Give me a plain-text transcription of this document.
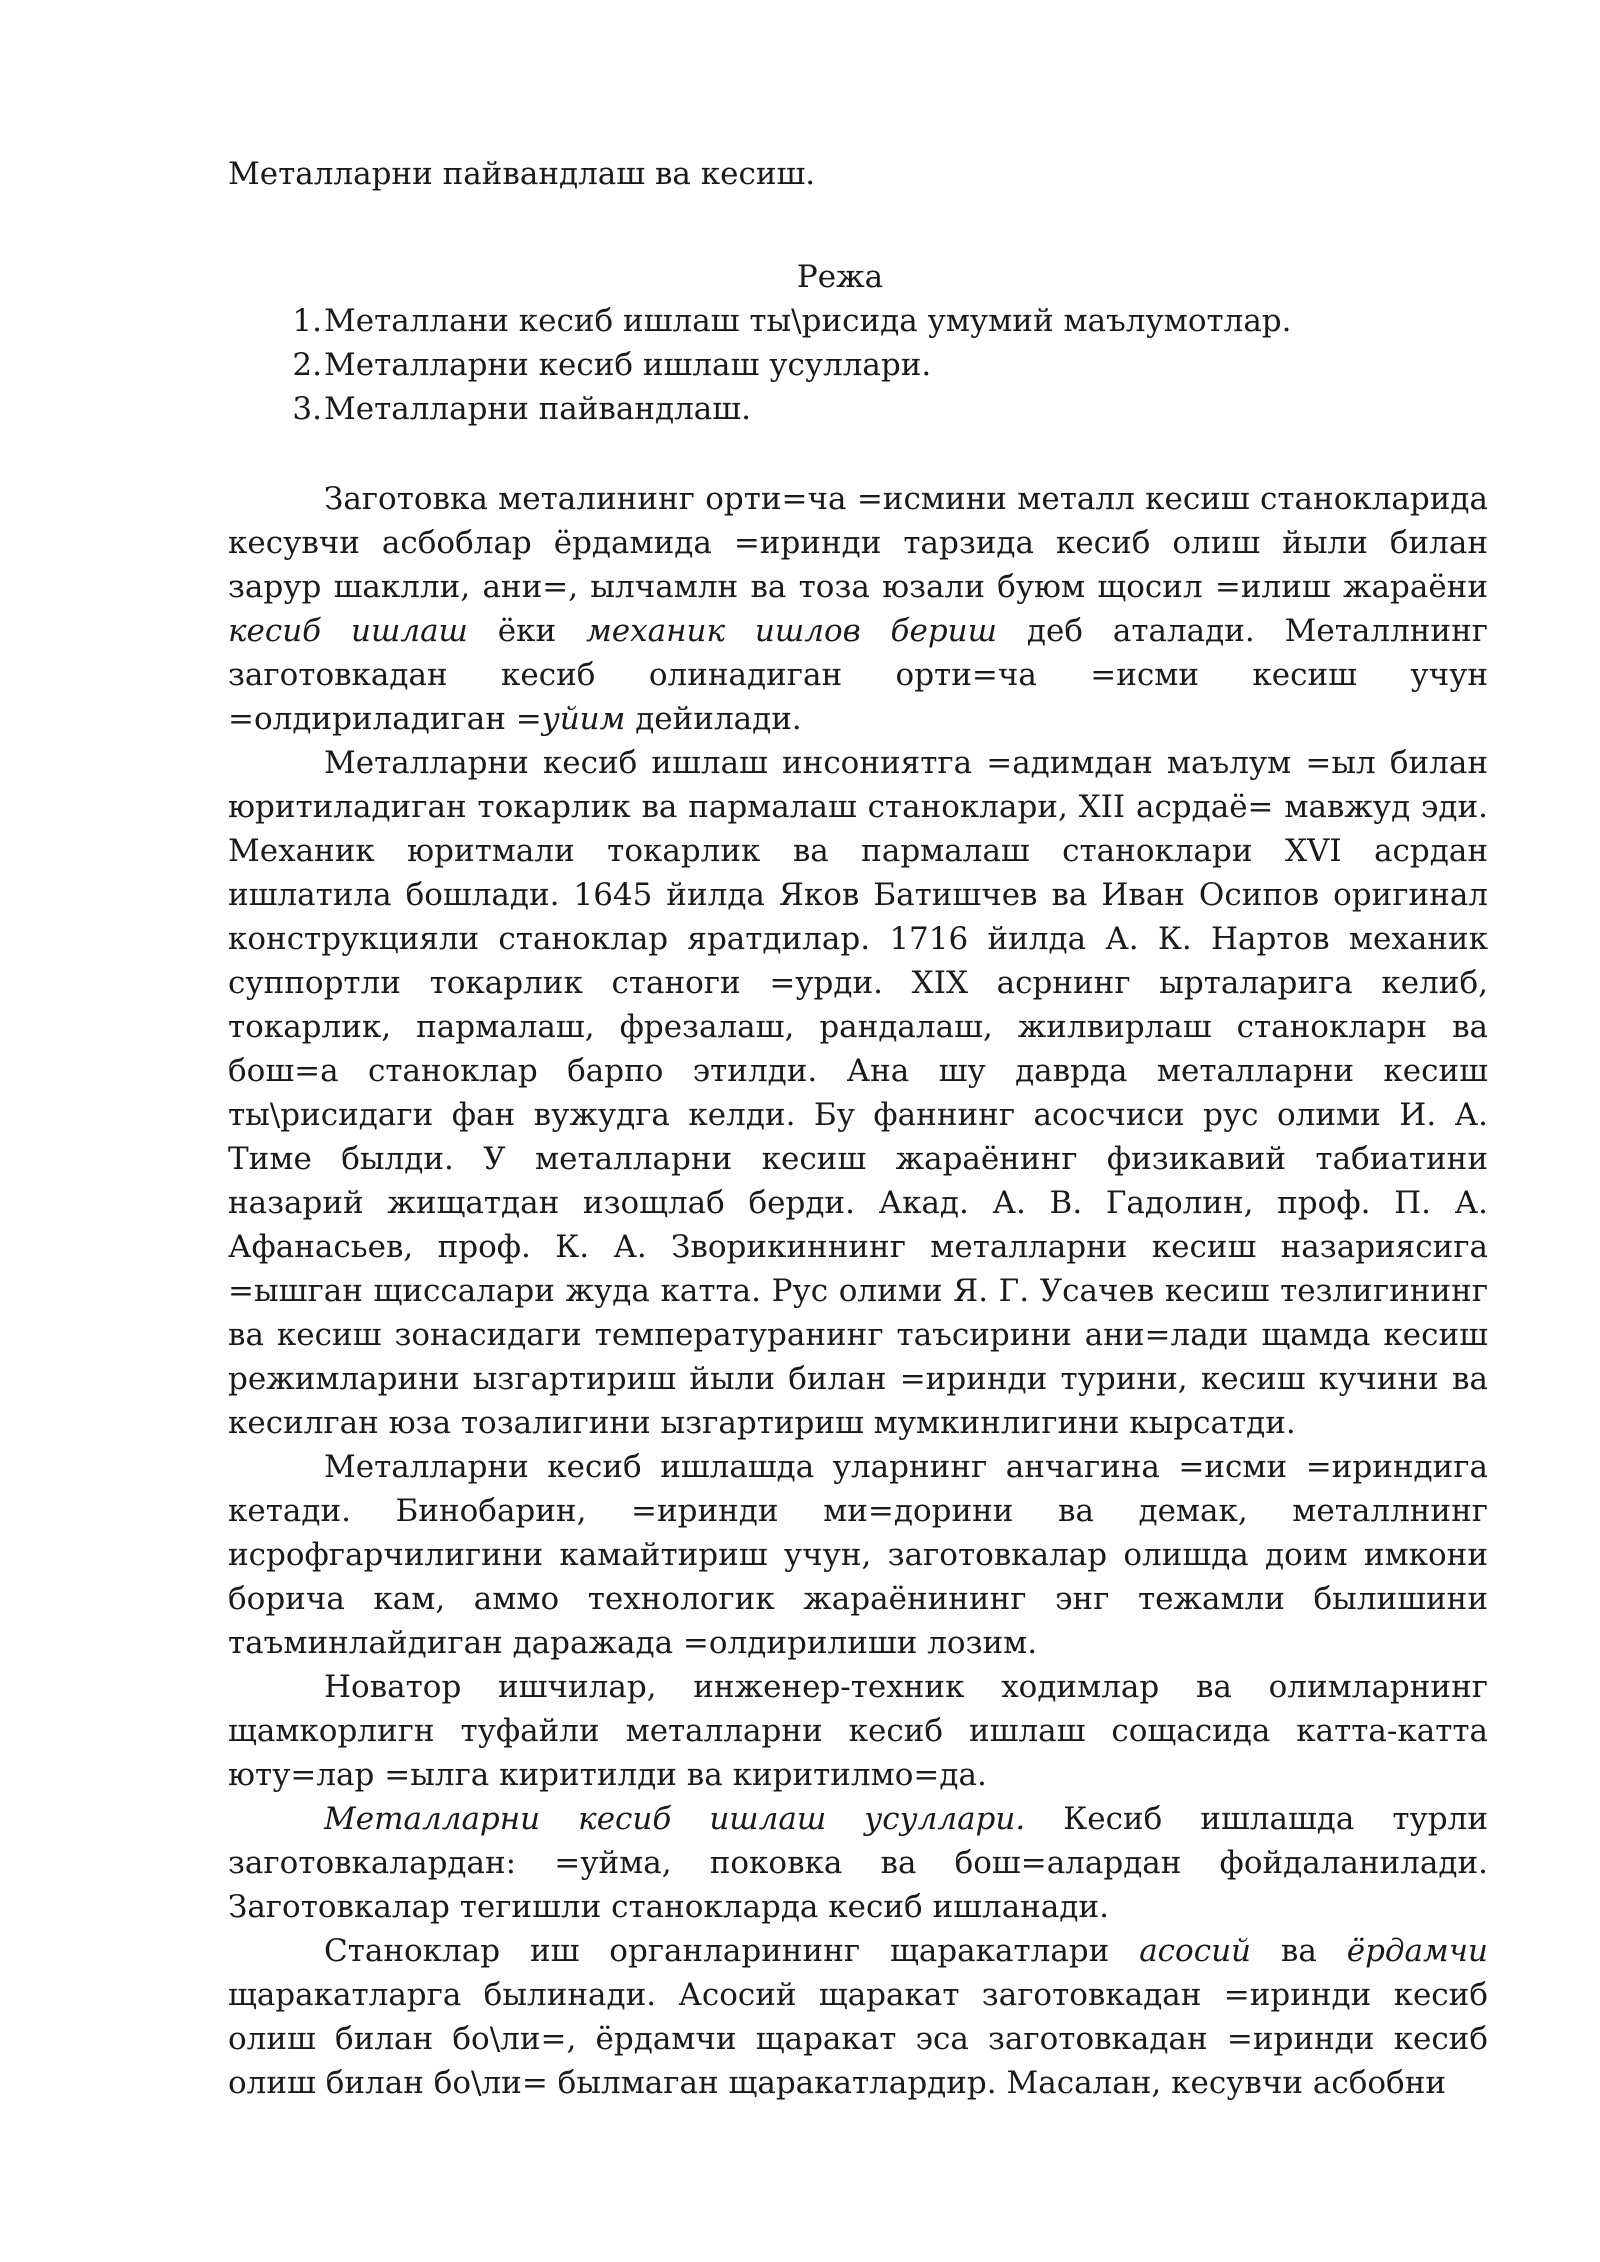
Металларни пайвандлаш ва кесиш.
Режа
1. Металлани кесиб ишлаш ты\рисида умумий маълумотлар.
2. Металларни кесиб ишлаш усуллари.
3. Металларни пайвандлаш.

Заготовка металининг орти=ча =исмини металл кесиш станокларида кесувчи асбоблар ёрдамида =иринди тарзида кесиб олиш йыли билан зарур шаклли, ани=, ылчамлн ва тоза юзали буюм щосил =илиш жараёни кесиб ишлаш ёки механик ишлов бериш деб аталади. Металлнинг заготовкадан кесиб олинадиган орти=ча =исми кесиш учун =олдириладиган =уйим дейилади.

Металларни кесиб ишлаш инсониятга =адимдан маълум =ыл билан юритиладиган токарлик ва пармалаш станоклари, XII асрдаё= мавжуд эди. Механик юритмали токарлик ва пармалаш станоклари XVI асрдан ишлатила бошлади. 1645 йилда Яков Батишчев ва Иван Осипов оригинал конструкцияли станоклар яратдилар. 1716 йилда А. К. Нартов механик суппортли токарлик станоги =урди. XIX асрнинг ырталарига келиб, токарлик, пармалаш, фрезалаш, рандалаш, жилвирлаш станокларн ва бош=а станоклар барпо этилди. Ана шу даврда металларни кесиш ты\рисидаги фан вужудга келди. Бу фаннинг асосчиси рус олими И. А. Тиме былди. У металларни кесиш жараёнинг физикавий табиатини назарий жищатдан изощлаб берди. Акад. А. В. Гадолин, проф. П. А. Афанасьев, проф. К. А. Зворикиннинг металларни кесиш назариясига =ышган щиссалари жуда катта. Рус олими Я. Г. Усачев кесиш тезлигининг ва кесиш зонасидаги температуранинг таъсирини ани=лади щамда кесиш режимларини ызгартириш йыли билан =иринди турини, кесиш кучини ва кесилган юза тозалигини ызгартириш мумкинлигини кырсатди.

Металларни кесиб ишлашда уларнинг анчагина =исми =ириндига кетади. Бинобарин, =иринди ми=дорини ва демак, металлнинг исрофгарчилигини камайтириш учун, заготовкалар олишда доим имкони борича кам, аммо технологик жараёнининг энг тежамли былишини таъминлайдиган даражада =олдирилиши лозим.

Новатор ишчилар, инженер-техник ходимлар ва олимларнинг щамкорлигн туфайли металларни кесиб ишлаш сощасида катта-катта юту=лар =ылга киритилди ва киритилмо=да.

Металларни кесиб ишлаш усуллари. Кесиб ишлашда турли заготовкалардан: =уйма, поковка ва бош=алардан фойдаланилади. Заготовкалар тегишли станокларда кесиб ишланади.

Станоклар иш органларининг щаракатлари асосий ва ёрдамчи щаракатларга былинади. Асосий щаракат заготовкадан =иринди кесиб олиш билан бо\ли=, ёрдамчи щаракат эса заготовкадан =иринди кесиб олиш билан бо\ли= былмаган щаракатлардир. Масалан, кесувчи асбобни
